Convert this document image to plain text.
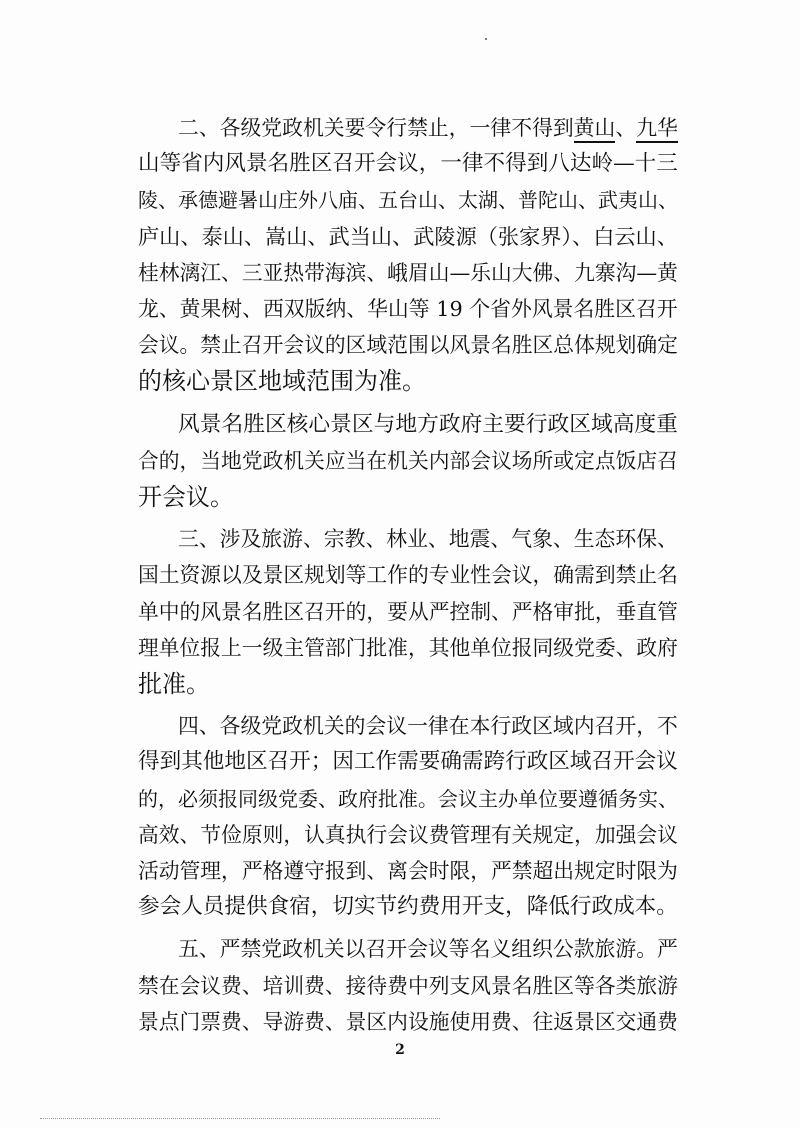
二、各级党政机关要令行禁止，一律不得到黄山、九华
山等省内风景名胜区召开会议，一律不得到八达岭—十三
陵、承德避暑山庄外八庙、五台山、太湖、普陀山、武夷山、
庐山、泰山、嵩山、武当山、武陵源（张家界）、白云山、
桂林漓江、三亚热带海滨、峨眉山—乐山大佛、九寨沟—黄
龙、黄果树、西双版纳、华山等 19 个省外风景名胜区召开
会议。禁止召开会议的区域范围以风景名胜区总体规划确定
的核心景区地域范围为准。
风景名胜区核心景区与地方政府主要行政区域高度重
合的，当地党政机关应当在机关内部会议场所或定点饭店召
开会议。
三、涉及旅游、宗教、林业、地震、气象、生态环保、
国土资源以及景区规划等工作的专业性会议，确需到禁止名
单中的风景名胜区召开的，要从严控制、严格审批，垂直管
理单位报上一级主管部门批准，其他单位报同级党委、政府
批准。
四、各级党政机关的会议一律在本行政区域内召开，不
得到其他地区召开；因工作需要确需跨行政区域召开会议
的，必须报同级党委、政府批准。会议主办单位要遵循务实、
高效、节俭原则，认真执行会议费管理有关规定，加强会议
活动管理，严格遵守报到、离会时限，严禁超出规定时限为
参会人员提供食宿，切实节约费用开支，降低行政成本。
五、严禁党政机关以召开会议等名义组织公款旅游。严
禁在会议费、培训费、接待费中列支风景名胜区等各类旅游
景点门票费、导游费、景区内设施使用费、往返景区交通费
2
